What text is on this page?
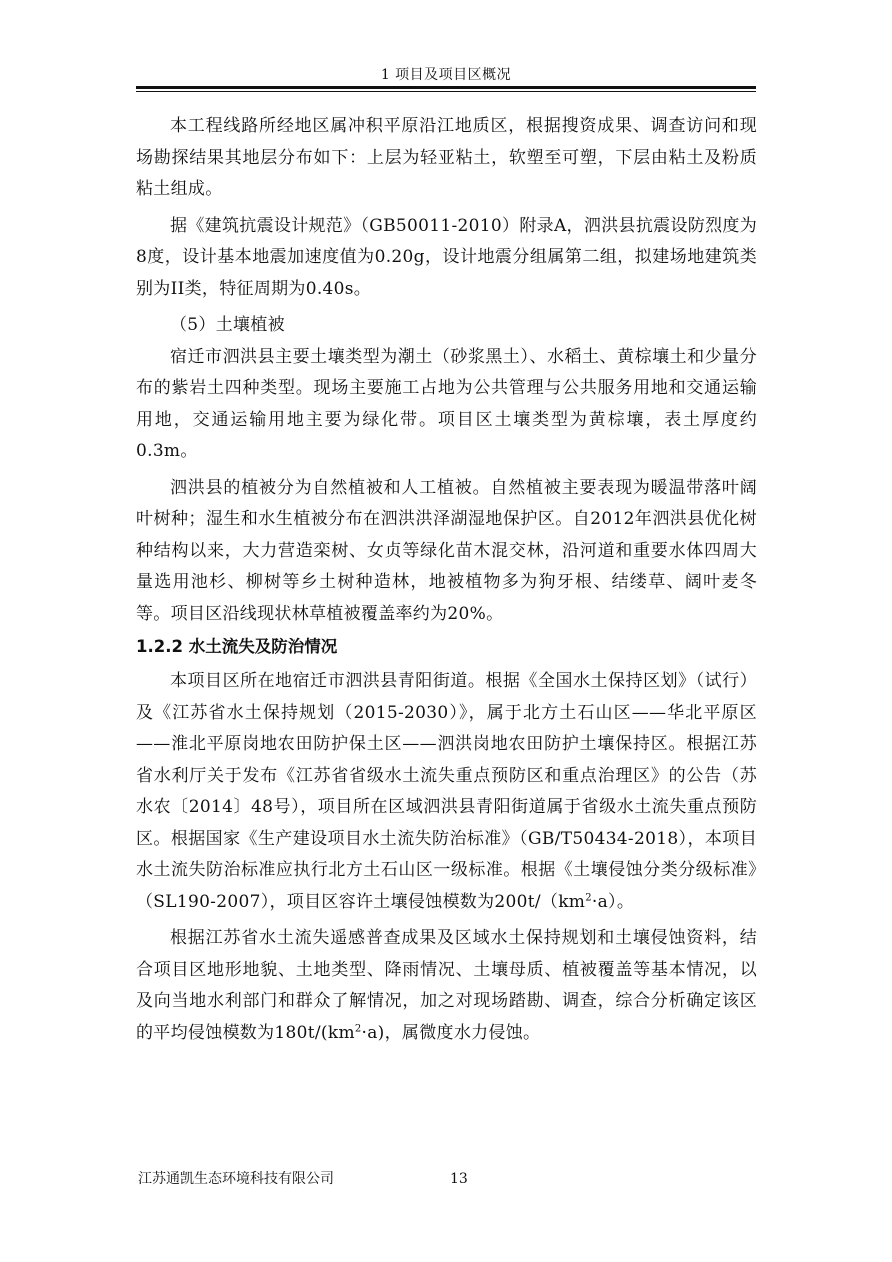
1 项目及项目区概况

本工程线路所经地区属冲积平原沿江地质区，根据搜资成果、调查访问和现场勘探结果其地层分布如下：上层为轻亚粘土，软塑至可塑，下层由粘土及粉质粘土组成。

据《建筑抗震设计规范》（GB50011-2010）附录A，泗洪县抗震设防烈度为8度，设计基本地震加速度值为0.20g，设计地震分组属第二组，拟建场地建筑类别为II类，特征周期为0.40s。

（5）土壤植被

宿迁市泗洪县主要土壤类型为潮土（砂浆黑土）、水稻土、黄棕壤土和少量分布的紫岩土四种类型。现场主要施工占地为公共管理与公共服务用地和交通运输用地，交通运输用地主要为绿化带。项目区土壤类型为黄棕壤，表土厚度约0.3m。

泗洪县的植被分为自然植被和人工植被。自然植被主要表现为暖温带落叶阔叶树种；湿生和水生植被分布在泗洪洪泽湖湿地保护区。自2012年泗洪县优化树种结构以来，大力营造栾树、女贞等绿化苗木混交林，沿河道和重要水体四周大量选用池杉、柳树等乡土树种造林，地被植物多为狗牙根、结缕草、阔叶麦冬等。项目区沿线现状林草植被覆盖率约为20%。

1.2.2 水土流失及防治情况

本项目区所在地宿迁市泗洪县青阳街道。根据《全国水土保持区划》（试行）及《江苏省水土保持规划（2015-2030）》，属于北方土石山区——华北平原区——淮北平原岗地农田防护保土区——泗洪岗地农田防护土壤保持区。根据江苏省水利厅关于发布《江苏省省级水土流失重点预防区和重点治理区》的公告（苏水农〔2014〕48号），项目所在区域泗洪县青阳街道属于省级水土流失重点预防区。根据国家《生产建设项目水土流失防治标准》（GB/T50434-2018），本项目水土流失防治标准应执行北方土石山区一级标准。根据《土壤侵蚀分类分级标准》（SL190-2007），项目区容许土壤侵蚀模数为$200t/(km^2\cdot a)$。

根据江苏省水土流失遥感普查成果及区域水土保持规划和土壤侵蚀资料，结合项目区地形地貌、土地类型、降雨情况、土壤母质、植被覆盖等基本情况，以及向当地水利部门和群众了解情况，加之对现场踏勘、调查，综合分析确定该区的平均侵蚀模数为$180t/(km^2\cdot a)$，属微度水力侵蚀。

江苏通凯生态环境科技有限公司	13
